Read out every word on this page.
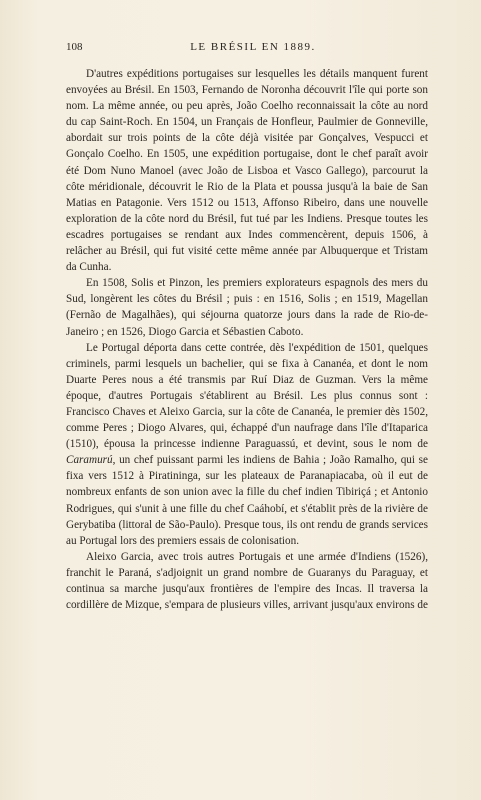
108	LE BRÉSIL EN 1889.

D'autres expéditions portugaises sur lesquelles les détails manquent furent envoyées au Brésil. En 1503, Fernando de Noronha découvrit l'île qui porte son nom. La même année, ou peu après, João Coelho reconnaissait la côte au nord du cap Saint-Roch. En 1504, un Français de Honfleur, Paulmier de Gonneville, abordait sur trois points de la côte déjà visitée par Gonçalves, Vespucci et Gonçalo Coelho. En 1505, une expédition portugaise, dont le chef paraît avoir été Dom Nuno Manoel (avec João de Lisboa et Vasco Gallego), parcourut la côte méridionale, découvrit le Rio de la Plata et poussa jusqu'à la baie de San Matias en Patagonie. Vers 1512 ou 1513, Affonso Ribeiro, dans une nouvelle exploration de la côte nord du Brésil, fut tué par les Indiens. Presque toutes les escadres portugaises se rendant aux Indes commencèrent, depuis 1506, à relâcher au Brésil, qui fut visité cette même année par Albuquerque et Tristam da Cunha.

En 1508, Solis et Pinzon, les premiers explorateurs espagnols des mers du Sud, longèrent les côtes du Brésil ; puis : en 1516, Solis ; en 1519, Magellan (Fernão de Magalhães), qui séjourna quatorze jours dans la rade de Rio-de-Janeiro ; en 1526, Diogo Garcia et Sébastien Caboto.

Le Portugal déporta dans cette contrée, dès l'expédition de 1501, quelques criminels, parmi lesquels un bachelier, qui se fixa à Cananéa, et dont le nom Duarte Peres nous a été transmis par Ruí Diaz de Guzman. Vers la même époque, d'autres Portugais s'établirent au Brésil. Les plus connus sont : Francisco Chaves et Aleixo Garcia, sur la côte de Cananéa, le premier dès 1502, comme Peres ; Diogo Alvares, qui, échappé d'un naufrage dans l'île d'Itaparica (1510), épousa la princesse indienne Paraguassú, et devint, sous le nom de Caramurú, un chef puissant parmi les indiens de Bahia ; João Ramalho, qui se fixa vers 1512 à Piratininga, sur les plateaux de Paranapiacaba, où il eut de nombreux enfants de son union avec la fille du chef indien Tibiriçá ; et Antonio Rodrigues, qui s'unit à une fille du chef Caáhobí, et s'établit près de la rivière de Gerybatiba (littoral de São-Paulo). Presque tous, ils ont rendu de grands services au Portugal lors des premiers essais de colonisation.

Aleixo Garcia, avec trois autres Portugais et une armée d'Indiens (1526), franchit le Paraná, s'adjoignit un grand nombre de Guaranys du Paraguay, et continua sa marche jusqu'aux frontières de l'empire des Incas. Il traversa la cordillère de Mizque, s'empara de plusieurs villes, arrivant jusqu'aux environs de
